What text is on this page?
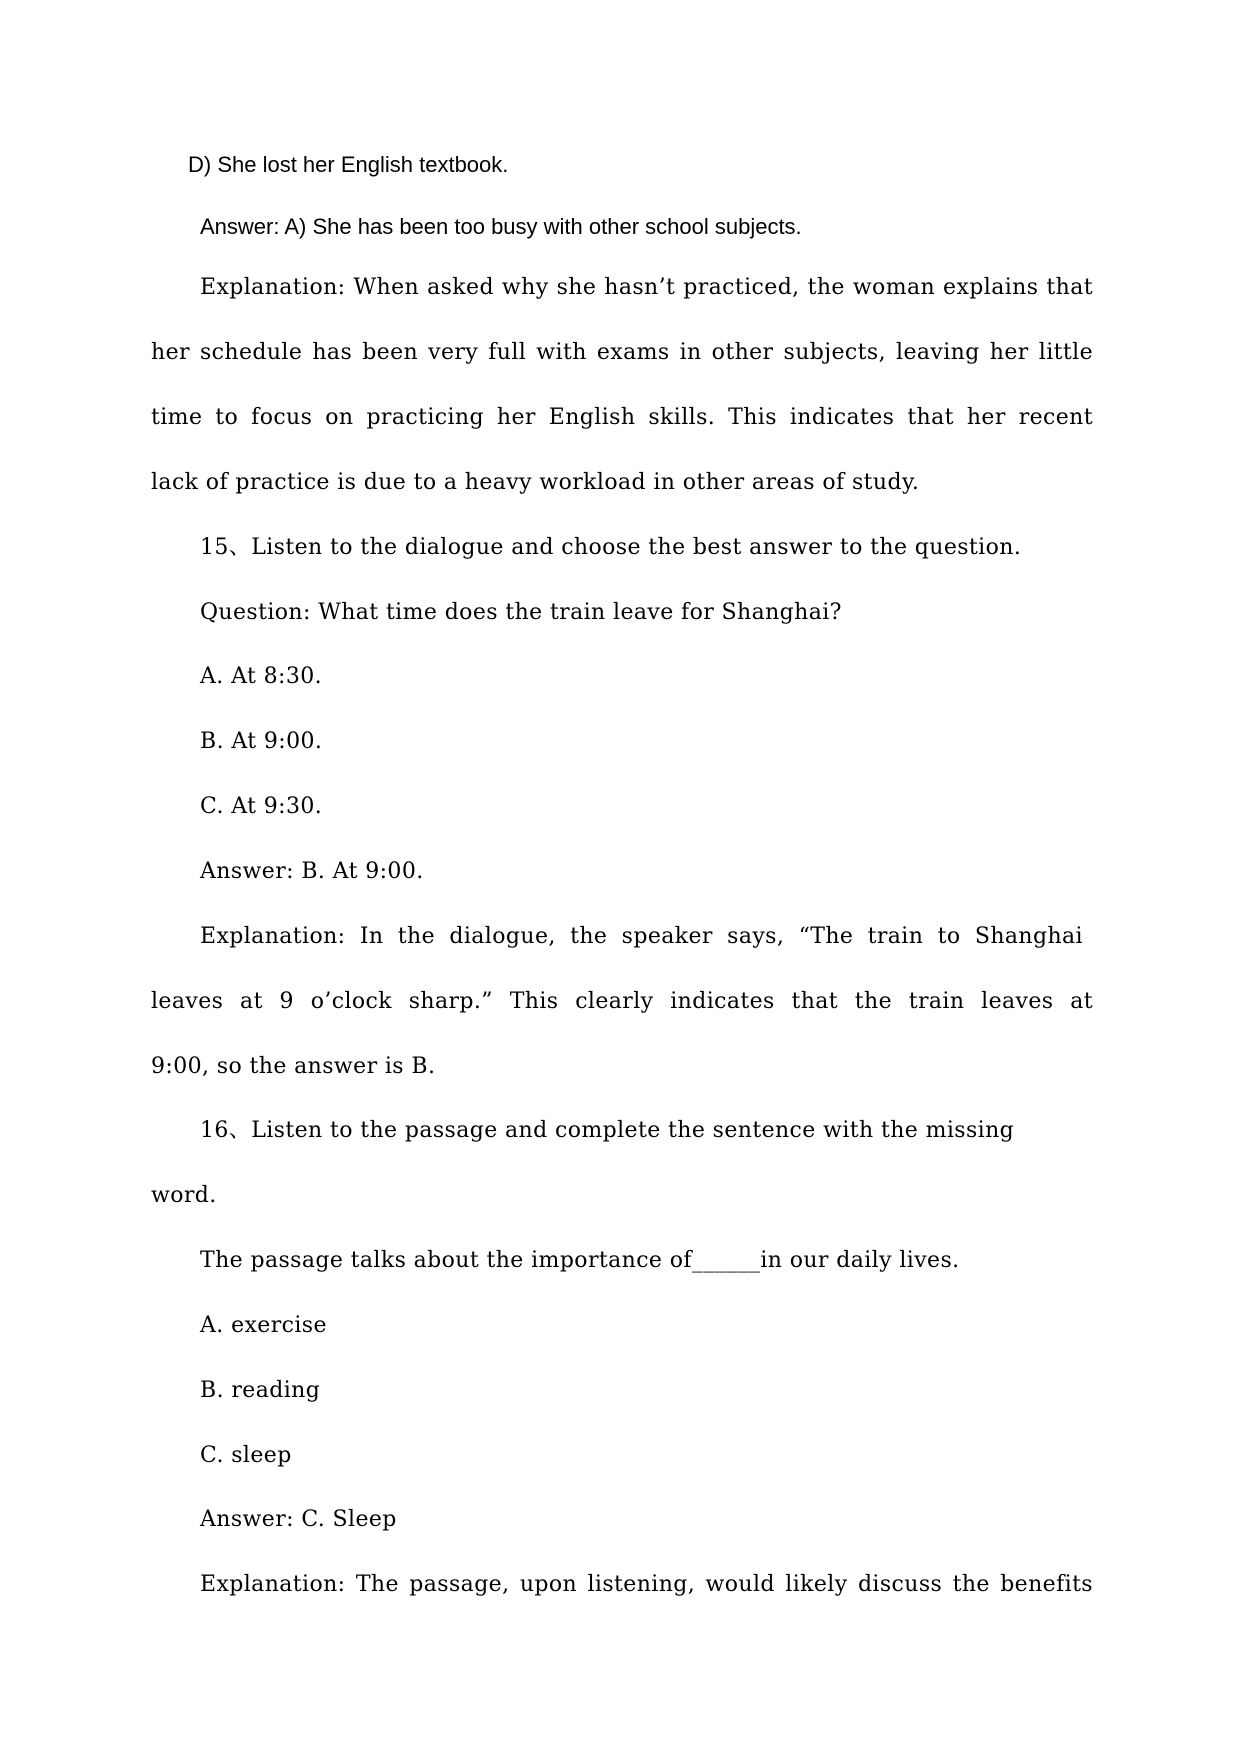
D) She lost her English textbook.
Answer: A) She has been too busy with other school subjects.
Explanation: When asked why she hasn’t practiced, the woman explains that
her schedule has been very full with exams in other subjects, leaving her little
time to focus on practicing her English skills. This indicates that her recent
lack of practice is due to a heavy workload in other areas of study.
15、Listen to the dialogue and choose the best answer to the question.
Question: What time does the train leave for Shanghai?
A. At 8:30.
B. At 9:00.
C. At 9:30.
Answer: B. At 9:00.
Explanation: In the dialogue, the speaker says, “The train to Shanghai
leaves at 9 o’clock sharp.” This clearly indicates that the train leaves at
9:00, so the answer is B.
16、Listen to the passage and complete the sentence with the missing
word.
The passage talks about the importance of______in our daily lives.
A. exercise
B. reading
C. sleep
Answer: C. Sleep
Explanation: The passage, upon listening, would likely discuss the benefits
